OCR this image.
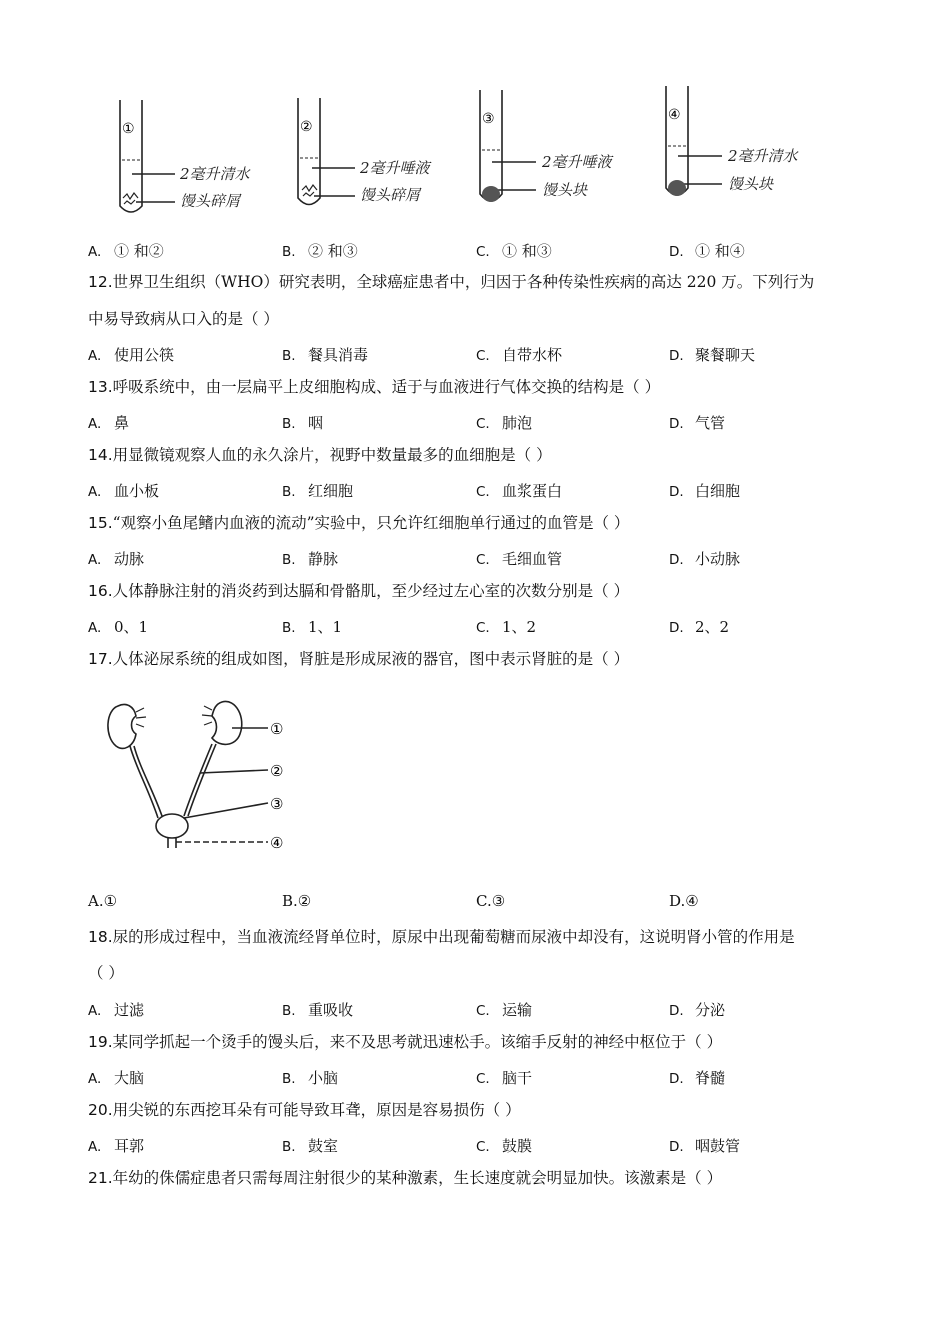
①	②	③	④
2毫升清水
馒头碎屑
2毫升唾液
馒头碎屑
2毫升唾液
馒头块
2毫升清水
馒头块
A. ① 和②	B. ② 和③	C. ① 和③	D. ① 和④
12.世界卫生组织（WHO）研究表明，全球癌症患者中，归因于各种传染性疾病的高达 220 万。下列行为
中易导致病从口入的是（ ）
A. 使用公筷	B. 餐具消毒	C. 自带水杯	D. 聚餐聊天
13.呼吸系统中，由一层扁平上皮细胞构成、适于与血液进行气体交换的结构是（ ）
A. 鼻	B. 咽	C. 肺泡	D. 气管
14.用显微镜观察人血的永久涂片，视野中数量最多的血细胞是（ ）
A. 血小板	B. 红细胞	C. 血浆蛋白	D. 白细胞
15.“观察小鱼尾鳍内血液的流动”实验中，只允许红细胞单行通过的血管是（ ）
A. 动脉	B. 静脉	C. 毛细血管	D. 小动脉
16.人体静脉注射的消炎药到达膈和骨骼肌，至少经过左心室的次数分别是（ ）
A. 0、1	B. 1、1	C. 1、2	D. 2、2
17.人体泌尿系统的组成如图，肾脏是形成尿液的器官，图中表示肾脏的是（ ）
①
②
③
④
A.①	B.②	C.③	D.④
18.尿的形成过程中，当血液流经肾单位时，原尿中出现葡萄糖而尿液中却没有，这说明肾小管的作用是
（ ）
A. 过滤	B. 重吸收	C. 运输	D. 分泌
19.某同学抓起一个烫手的馒头后，来不及思考就迅速松手。该缩手反射的神经中枢位于（ ）
A. 大脑	B. 小脑	C. 脑干	D. 脊髓
20.用尖锐的东西挖耳朵有可能导致耳聋，原因是容易损伤（ ）
A. 耳郭	B. 鼓室	C. 鼓膜	D. 咽鼓管
21.年幼的侏儒症患者只需每周注射很少的某种激素，生长速度就会明显加快。该激素是（ ）
